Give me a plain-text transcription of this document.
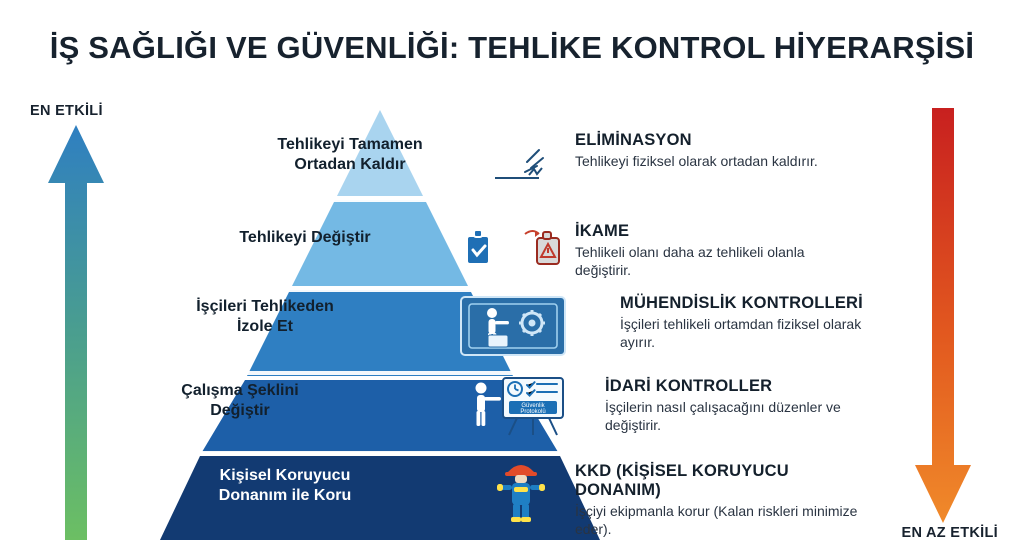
İŞ SAĞLIĞI VE GÜVENLİĞİ: TEHLİKE KONTROL HİYERARŞİSİ
EN ETKİLİ
EN AZ ETKİLİ
Tehlikeyi Tamamen
Ortadan Kaldır
Tehlikeyi Değiştir
İşçileri Tehlikeden
İzole Et
Çalışma Şeklini
Değiştir
Kişisel Koruyucu
Donanım ile Koru
Güvenlik
Protokolü
ELİMİNASYON
Tehlikeyi fiziksel olarak ortadan kaldırır.
İKAME
Tehlikeli olanı daha az tehlikeli olanla değiştirir.
MÜHENDİSLİK KONTROLLERİ
İşçileri tehlikeli ortamdan fiziksel olarak ayırır.
İDARİ KONTROLLER
İşçilerin nasıl çalışacağını düzenler ve değiştirir.
KKD (KİŞİSEL KORUYUCU DONANIM)
İşçiyi ekipmanla korur (Kalan riskleri minimize eder).
